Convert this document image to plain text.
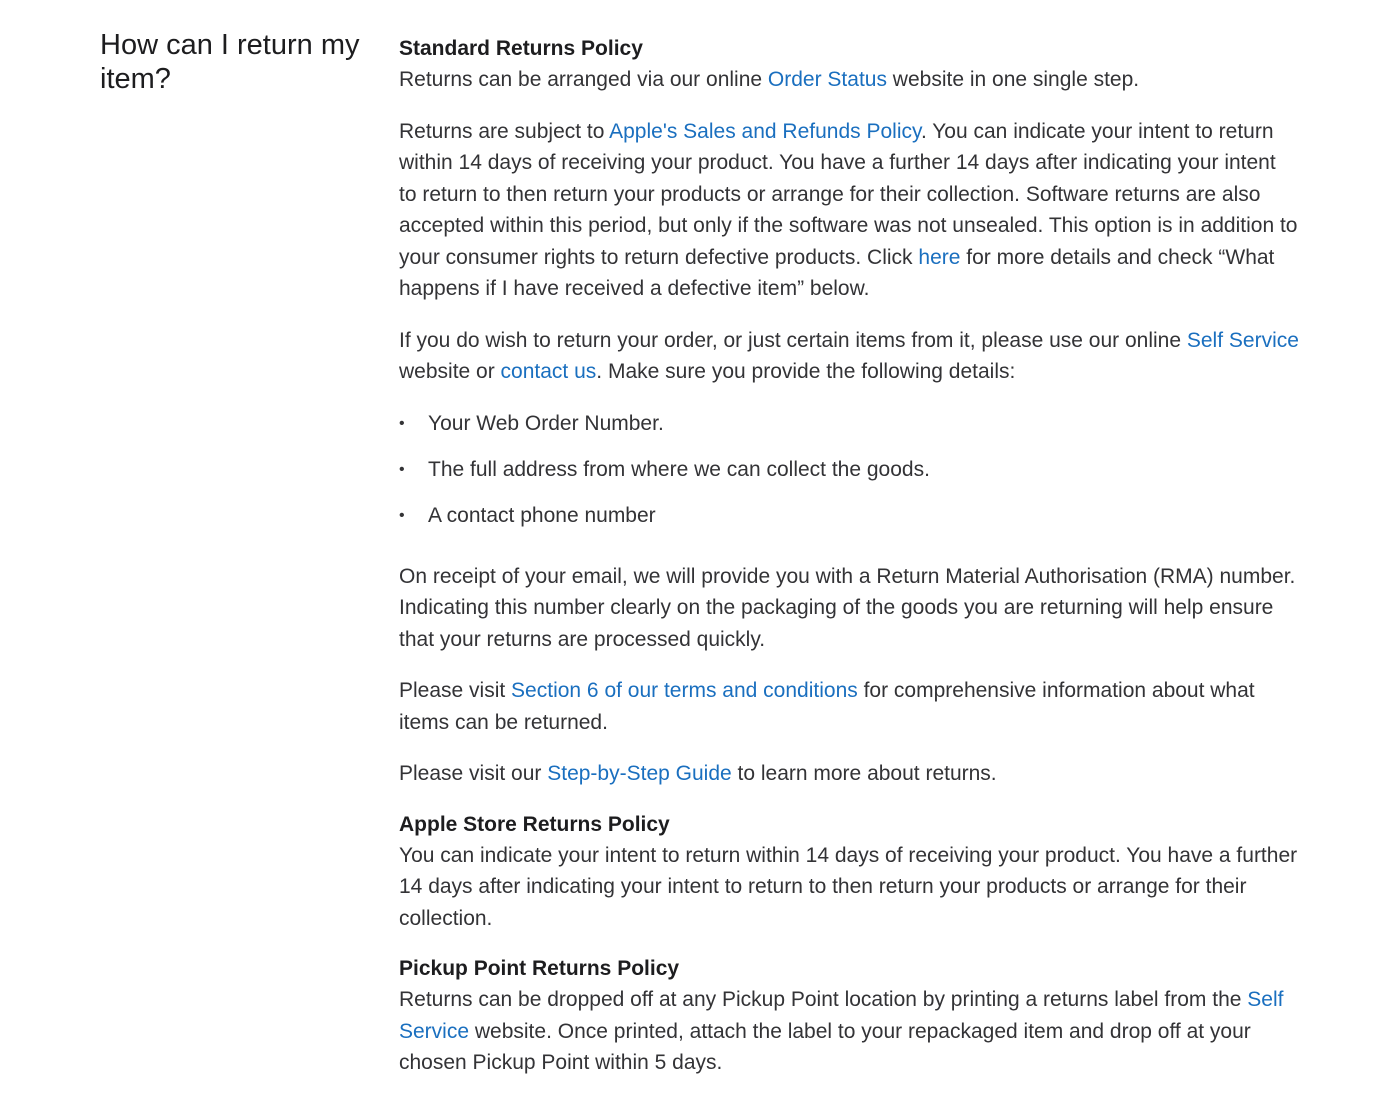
How can I return my item?
Standard Returns Policy

Returns can be arranged via our online Order Status website in one single step.

Returns are subject to Apple's Sales and Refunds Policy. You can indicate your intent to return within 14 days of receiving your product. You have a further 14 days after indicating your intent to return to then return your products or arrange for their collection. Software returns are also accepted within this period, but only if the software was not unsealed. This option is in addition to your consumer rights to return defective products. Click here for more details and check “What happens if I have received a defective item” below.

If you do wish to return your order, or just certain items from it, please use our online Self Service website or contact us. Make sure you provide the following details:

• Your Web Order Number.
• The full address from where we can collect the goods.
• A contact phone number

On receipt of your email, we will provide you with a Return Material Authorisation (RMA) number. Indicating this number clearly on the packaging of the goods you are returning will help ensure that your returns are processed quickly.

Please visit Section 6 of our terms and conditions for comprehensive information about what items can be returned.

Please visit our Step-by-Step Guide to learn more about returns.

Apple Store Returns Policy

You can indicate your intent to return within 14 days of receiving your product. You have a further 14 days after indicating your intent to return to then return your products or arrange for their collection.

Pickup Point Returns Policy

Returns can be dropped off at any Pickup Point location by printing a returns label from the Self Service website. Once printed, attach the label to your repackaged item and drop off at your chosen Pickup Point within 5 days.
